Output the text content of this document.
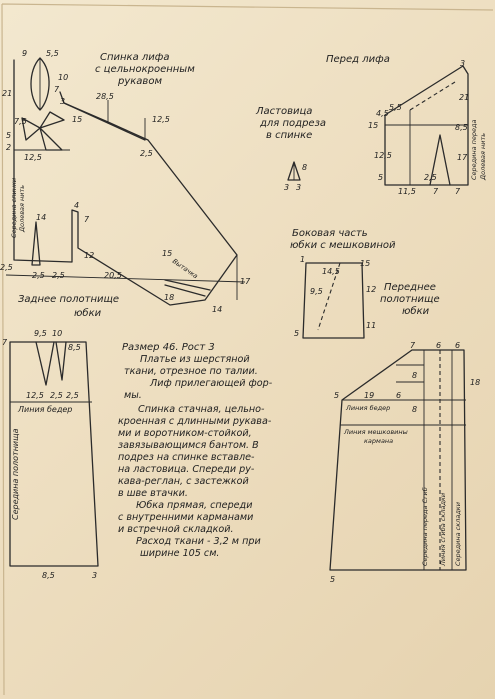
Спинка лифа
с цельнокроенным
рукавом
9 5,5
21
10
7
3
28,5
15	12,5
5
12,5
7,5
2
14
4
7
12
17
2,5
2,5
2,5 2,5	20,5
15
18
14
Вытачка
Середина спинки Долевая нить
Заднее полотнище
юбки
Перед лифа	3
5,5
4,5
15
12,5
8,5
5
11,5
2,5
7 7
17
21
Середина переда Долевая нить
Ластовица
для подреза
в спинке
8
3 3
Боковая часть
юбки с мешковиной
1
14,5
15
12
9,5
5
11
Переднее
полотнище
юбки
7
9,5 10
8,5
12,5 2,5 2,5
8,5	3
Линия бедер
Середина полотнища
7	6 6
18
5	19	6
8
8
5
Линия бедер
Линия мешковины
кармана
Середина переда Сгиб Линия сгиба складки Середина складки
Размер 46. Рост 3
Платье из шерстяной
ткани, отрезное по талии.
Лиф прилегающей фор-
мы.
Спинка стачная, цельно-
кроенная с длинными рукава-
ми и воротником-стойкой,
завязывающимся бантом. В
подрез на спинке вставле-
на ластовица. Спереди ру-
кава-реглан, с застежкой
в шве втачки.
Юбка прямая, спереди
с внутренними карманами
и встречной складкой.
Расход ткани - 3,2 м при
ширине 105 см.
